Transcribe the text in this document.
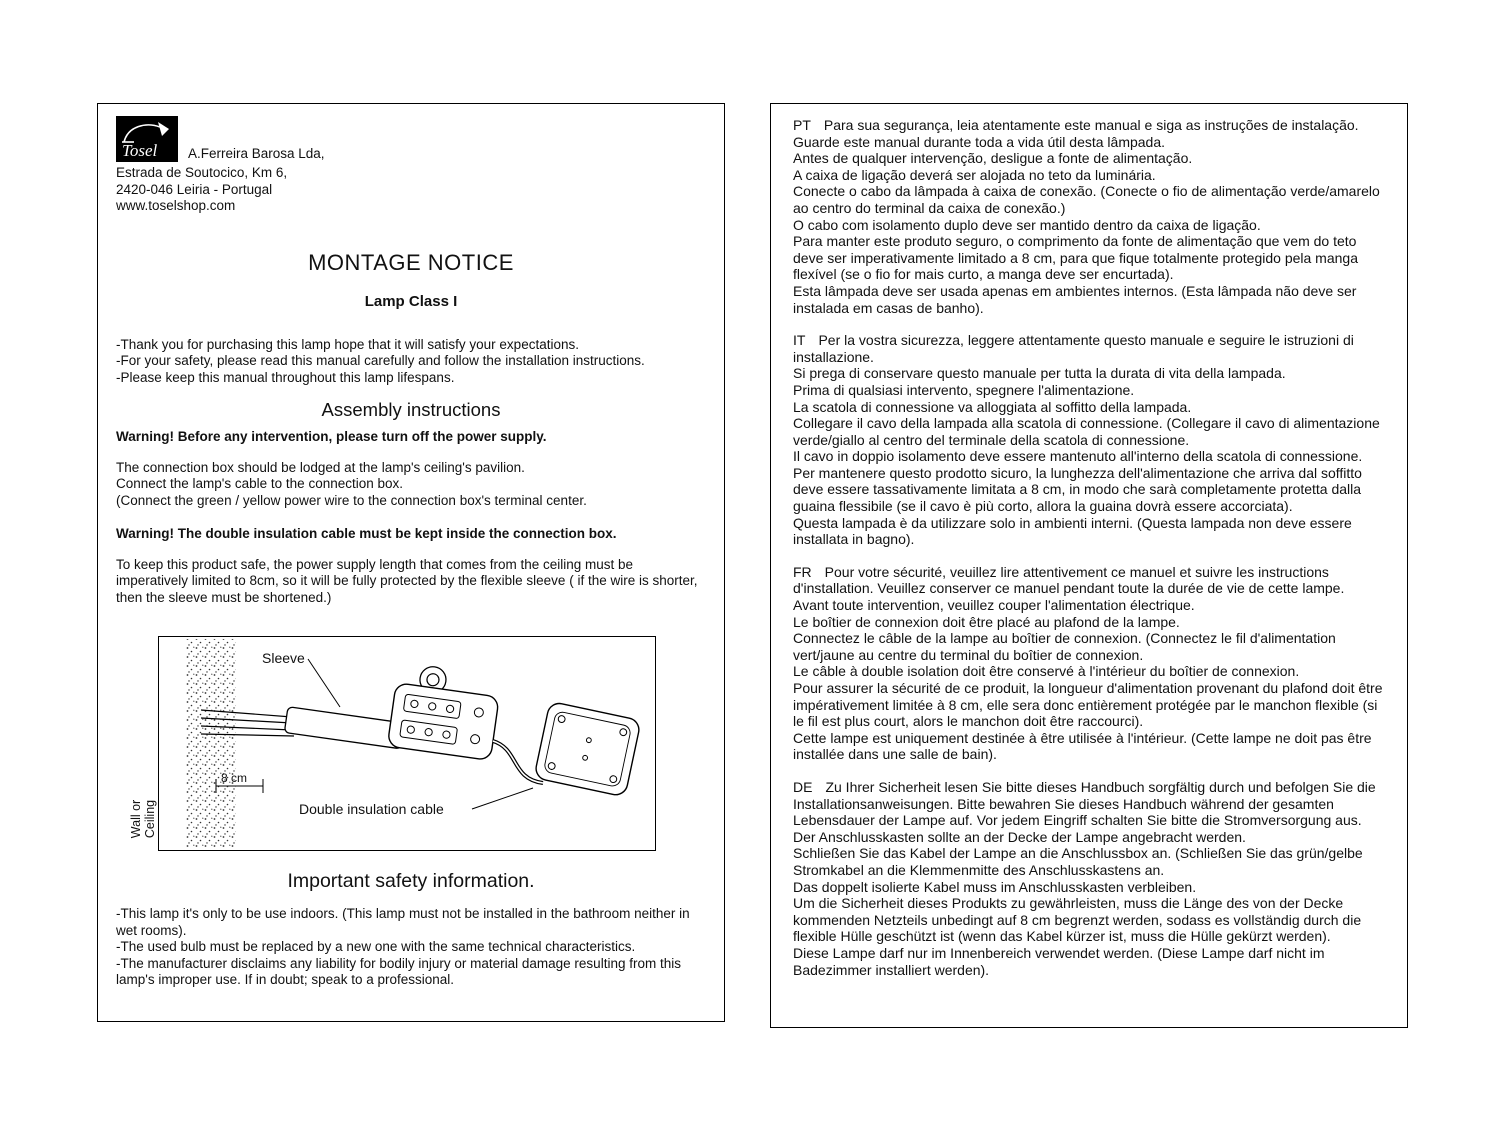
Tosel A.Ferreira Barosa Lda,
Estrada de Soutocico, Km 6,
2420-046 Leiria - Portugal
www.toselshop.com
MONTAGE NOTICE
Lamp Class I

-Thank you for purchasing this lamp hope that it will satisfy your expectations.
-For your safety, please read this manual carefully and follow the installation instructions.
-Please keep this manual throughout this lamp lifespans.

Assembly instructions

Warning! Before any intervention, please turn off the power supply.

The connection box should be lodged at the lamp's ceiling's pavilion.
Connect the lamp's cable to the connection box.
(Connect the green / yellow power wire to the connection box's terminal center.

Warning! The double insulation cable must be kept inside the connection box.

To keep this product safe, the power supply length that comes from the ceiling must be imperatively limited to 8cm, so it will be fully protected by the flexible sleeve ( if the wire is shorter, then the sleeve must be shortened.)

Wall or
Ceiling
Sleeve
8 cm
Double insulation cable
Important safety information.

-This lamp it's only to be use indoors. (This lamp must not be installed in the bathroom neither in wet rooms).
-The used bulb must be replaced by a new one with the same technical characteristics.
-The manufacturer disclaims any liability for bodily injury or material damage resulting from this lamp's improper use. If in doubt; speak to a professional.

PT Para sua segurança, leia atentamente este manual e siga as instruções de instalação.
Guarde este manual durante toda a vida útil desta lâmpada.
Antes de qualquer intervenção, desligue a fonte de alimentação.
A caixa de ligação deverá ser alojada no teto da luminária.
Conecte o cabo da lâmpada à caixa de conexão. (Conecte o fio de alimentação verde/amarelo ao centro do terminal da caixa de conexão.)
O cabo com isolamento duplo deve ser mantido dentro da caixa de ligação.
Para manter este produto seguro, o comprimento da fonte de alimentação que vem do teto deve ser imperativamente limitado a 8 cm, para que fique totalmente protegido pela manga flexível (se o fio for mais curto, a manga deve ser encurtada).
Esta lâmpada deve ser usada apenas em ambientes internos. (Esta lâmpada não deve ser instalada em casas de banho).

IT Per la vostra sicurezza, leggere attentamente questo manuale e seguire le istruzioni di installazione.
Si prega di conservare questo manuale per tutta la durata di vita della lampada.
Prima di qualsiasi intervento, spegnere l'alimentazione.
La scatola di connessione va alloggiata al soffitto della lampada.
Collegare il cavo della lampada alla scatola di connessione. (Collegare il cavo di alimentazione verde/giallo al centro del terminale della scatola di connessione.
Il cavo in doppio isolamento deve essere mantenuto all'interno della scatola di connessione.
Per mantenere questo prodotto sicuro, la lunghezza dell'alimentazione che arriva dal soffitto deve essere tassativamente limitata a 8 cm, in modo che sarà completamente protetta dalla guaina flessibile (se il cavo è più corto, allora la guaina dovrà essere accorciata).
Questa lampada è da utilizzare solo in ambienti interni. (Questa lampada non deve essere installata in bagno).

FR Pour votre sécurité, veuillez lire attentivement ce manuel et suivre les instructions d'installation. Veuillez conserver ce manuel pendant toute la durée de vie de cette lampe.
Avant toute intervention, veuillez couper l'alimentation électrique.
Le boîtier de connexion doit être placé au plafond de la lampe.
Connectez le câble de la lampe au boîtier de connexion. (Connectez le fil d'alimentation vert/jaune au centre du terminal du boîtier de connexion.
Le câble à double isolation doit être conservé à l'intérieur du boîtier de connexion.
Pour assurer la sécurité de ce produit, la longueur d'alimentation provenant du plafond doit être impérativement limitée à 8 cm, elle sera donc entièrement protégée par le manchon flexible (si le fil est plus court, alors le manchon doit être raccourci).
Cette lampe est uniquement destinée à être utilisée à l'intérieur. (Cette lampe ne doit pas être installée dans une salle de bain).

DE Zu Ihrer Sicherheit lesen Sie bitte dieses Handbuch sorgfältig durch und befolgen Sie die Installationsanweisungen. Bitte bewahren Sie dieses Handbuch während der gesamten Lebensdauer der Lampe auf. Vor jedem Eingriff schalten Sie bitte die Stromversorgung aus.
Der Anschlusskasten sollte an der Decke der Lampe angebracht werden.
Schließen Sie das Kabel der Lampe an die Anschlussbox an. (Schließen Sie das grün/gelbe Stromkabel an die Klemmenmitte des Anschlusskastens an.
Das doppelt isolierte Kabel muss im Anschlusskasten verbleiben.
Um die Sicherheit dieses Produkts zu gewährleisten, muss die Länge des von der Decke kommenden Netzteils unbedingt auf 8 cm begrenzt werden, sodass es vollständig durch die flexible Hülle geschützt ist (wenn das Kabel kürzer ist, muss die Hülle gekürzt werden).
Diese Lampe darf nur im Innenbereich verwendet werden. (Diese Lampe darf nicht im Badezimmer installiert werden).
